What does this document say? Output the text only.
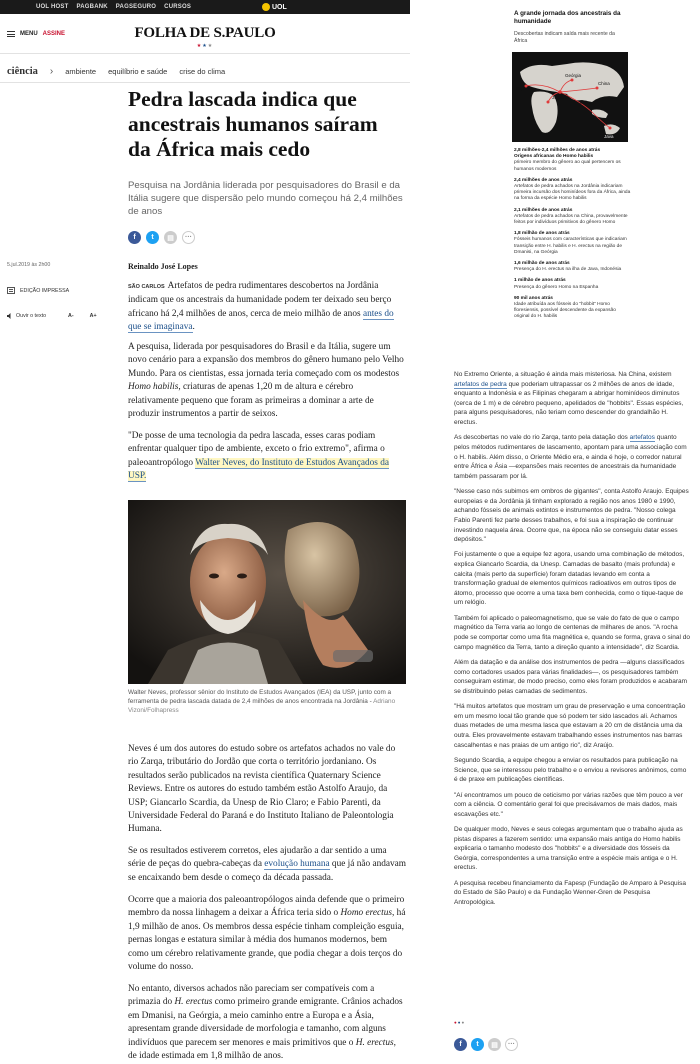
UOL HOST PAGBANK PAGSEGURO CURSOS	UOL
MENU ASSINE	FOLHA DE S.PAULO
★★★
ciência › ambiente equilíbrio e saúde crise do clima
Pedra lascada indica que ancestrais humanos saíram da África mais cedo

Pesquisa na Jordânia liderada por pesquisadores do Brasil e da Itália sugere que dispersão pelo mundo começou há 2,4 milhões de anos

f	t	▤	···
5.jul.2019 às 2h00
EDIÇÃO IMPRESSA
Ouvir o texto	A-	A+
Reinaldo José Lopes
SÃO CARLOS Artefatos de pedra rudimentares descobertos na Jordânia indicam que os ancestrais da humanidade podem ter deixado seu berço africano há 2,4 milhões de anos, cerca de meio milhão de anos antes do que se imaginava.
A pesquisa, liderada por pesquisadores do Brasil e da Itália, sugere um novo cenário para a expansão dos membros do gênero humano pelo Velho Mundo. Para os cientistas, essa jornada teria começado com os modestos Homo habilis, criaturas de apenas 1,20 m de altura e cérebro relativamente pequeno que foram as primeiras a dominar a arte de produzir instrumentos a partir de seixos.
"De posse de uma tecnologia da pedra lascada, esses caras podiam enfrentar qualquer tipo de ambiente, exceto o frio extremo", afirma o paleoantropólogo Walter Neves, do Instituto de Estudos Avançados da USP.
Walter Neves, professor sênior do Instituto de Estudos Avançados (IEA) da USP, junto com a ferramenta de pedra lascada datada de 2,4 milhões de anos encontrada na Jordânia - Adriano Vizoni/Folhapress
Neves é um dos autores do estudo sobre os artefatos achados no vale do rio Zarqa, tributário do Jordão que corta o território jordaniano. Os resultados serão publicados na revista científica Quaternary Science Reviews. Entre os autores do estudo também estão Astolfo Araujo, da USP; Giancarlo Scardia, da Unesp de Rio Claro; e Fabio Parenti, da Universidade Federal do Paraná e do Instituto Italiano de Paleontologia Humana.
Se os resultados estiverem corretos, eles ajudarão a dar sentido a uma série de peças do quebra-cabeças da evolução humana que já não andavam se encaixando bem desde o começo da década passada.
Ocorre que a maioria dos paleoantropólogos ainda defende que o primeiro membro da nossa linhagem a deixar a África teria sido o Homo erectus, há 1,9 milhão de anos. Os membros dessa espécie tinham compleição esguia, pernas longas e estatura similar à média dos humanos modernos, bem como um cérebro relativamente grande, que podia chegar a dois terços do volume do nosso.
No entanto, diversos achados não pareciam ser compatíveis com a primazia do H. erectus como primeiro grande emigrante. Crânios achados em Dmanisi, na Geórgia, a meio caminho entre a Europa e a Ásia, apresentam grande diversidade de morfologia e tamanho, com alguns indivíduos que parecem ser menores e mais primitivos que o H. erectus, de idade estimada em 1,8 milhão de anos.
A grande jornada dos ancestrais da humanidade
Descobertas indicam saída mais recente da África
Espanha
Geórgia
Jordânia
China
Índia
Java
2,8 milhões-2,4 milhões de anos atrás
Origens africanas do Homo habilis
primeiro membro do gênero ao qual pertencem os humanos modernos
2,4 milhões de anos atrás
Artefatos de pedra achados na Jordânia indicariam primeira incursão dos hominídeos fora da África, ainda na forma da espécie Homo habilis
2,1 milhões de anos atrás
Artefatos de pedra achados na China, provavelmente feitos por indivíduos primitivos do gênero Homo
1,8 milhão de anos atrás
Fósseis humanos com características que indicariam transição entre H. habilis e H. erectus na região de Dmanisi, na Geórgia
1,6 milhão de anos atrás
Presença do H. erectus na ilha de Java, Indonésia
1 milhão de anos atrás
Presença do gênero Homo na Espanha
90 mil anos atrás
Idade atribuída aos fósseis do "hobbit" Homo floresiensis, possível descendente da expansão original do H. habilis

No Extremo Oriente, a situação é ainda mais misteriosa. Na China, existem artefatos de pedra que poderiam ultrapassar os 2 milhões de anos de idade, enquanto a Indonésia e as Filipinas chegaram a abrigar hominídeos diminutos (cerca de 1 m) e de cérebro pequeno, apelidados de "hobbits". Essas espécies, para alguns pesquisadores, não teriam como descender do grandalhão H. erectus.

As descobertas no vale do rio Zarqa, tanto pela datação dos artefatos quanto pelos métodos rudimentares de lascamento, apontam para uma associação com o H. habilis. Além disso, o Oriente Médio era, e ainda é hoje, o corredor natural entre África e Ásia —expansões mais recentes de ancestrais da humanidade também passaram por lá.

"Nesse caso nós subimos em ombros de gigantes", conta Astolfo Araujo. Equipes europeias e da Jordânia já tinham explorado a região nos anos 1980 e 1990, achando fósseis de animais extintos e instrumentos de pedra. "Nosso colega Fabio Parenti fez parte desses trabalhos, e foi sua a inspiração de continuar investindo naquela área. Ocorre que, na época não se conseguiu datar esses depósitos."

Foi justamente o que a equipe fez agora, usando uma combinação de métodos, explica Giancarlo Scardia, da Unesp. Camadas de basalto (mais profunda) e calcita (mais perto da superfície) foram datadas levando em conta a transformação gradual de elementos químicos radioativos em outros tipos de átomo, processo que ocorre a uma taxa bem conhecida, como o tique-taque de um relógio.

Também foi aplicado o paleomagnetismo, que se vale do fato de que o campo magnético da Terra varia ao longo de centenas de milhares de anos. "A rocha pode se comportar como uma fita magnética e, quando se forma, grava o sinal do campo magnético da Terra, tanto a direção quanto a intensidade", diz Scardia.

Além da datação e da análise dos instrumentos de pedra —alguns classificados como cortadores usados para várias finalidades—, os pesquisadores também conseguiram estimar, de modo preciso, como eles foram produzidos e acabaram se distribuindo pelas camadas de sedimentos.

"Há muitos artefatos que mostram um grau de preservação e uma concentração em um mesmo local tão grande que só podem ter sido lascados ali. Achamos duas metades de uma mesma lasca que estavam a 20 cm de distância uma da outra. Eles provavelmente estavam trabalhando esses instrumentos nas barras cascalhentas e nas praias de um antigo rio", diz Araújo.

Segundo Scardia, a equipe chegou a enviar os resultados para publicação na Science, que se interessou pelo trabalho e o enviou a revisores anônimos, como é de praxe em publicações científicas.

"Aí encontramos um pouco de ceticismo por várias razões que têm pouco a ver com a ciência. O comentário geral foi que precisávamos de mais dados, mais escavações etc."

De qualquer modo, Neves e seus colegas argumentam que o trabalho ajuda as pistas dispares a fazerem sentido: uma expansão mais antiga do Homo habilis explicaria o tamanho modesto dos "hobbits" e a diversidade dos fósseis da Geórgia, correspondentes a uma transição entre a espécie mais antiga e o H. erectus.

A pesquisa recebeu financiamento da Fapesp (Fundação de Amparo à Pesquisa do Estado de São Paulo) e da Fundação Wenner-Gren de Pesquisa Antropológica.

●●●
f	t	▤	···
